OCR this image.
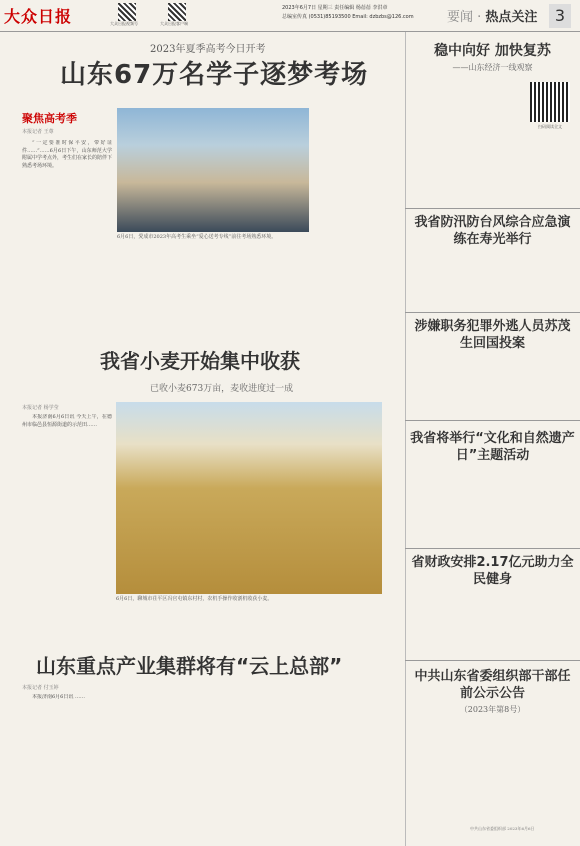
大众日报	大众日报视频号	大众日报客户端
2023年6月7日 星期三 责任编辑 杨蓓蓓 李洪章
总编室传真 (0531)85193500 Email: dzbzbs@126.com	要闻 · 热点关注	3
2023年夏季高考今日开考
山东67万名学子逐梦考场
聚焦高考季
本报记者 王尊

“一定要准时保平安，带好证件……”……6月6日下午，山东师范大学附属中学考点外，考生们在家长的陪伴下熟悉考场环境。

6月6日，愛成市2023年高考生乘坐“爱心送考专线”前往考场熟悉环境。
我省小麦开始集中收获
已收小麦673万亩，麦收进度过一成
本报记者 杨学莹

本报济南6月6日讯 今天上午，在德州市临邑县恒源街道的示范田……

6月6日，聊城市茌平区冯官屯镇东村村，农机手操作收割机收获小麦。
山东重点产业集群将有“云上总部”
本报记者 付玉婷

本报济南6月6日讯 ……

稳中向好 加快复苏
——山东经济一线观察
扫码阅读全文
我省防汛防台风综合应急演练在寿光举行
涉嫌职务犯罪外逃人员苏茂生回国投案
我省将举行“文化和自然遗产日”主题活动
省财政安排2.17亿元助力全民健身
中共山东省委组织部干部任前公示公告
（2023年第8号）
中共山东省委组织部 2023年6月6日
